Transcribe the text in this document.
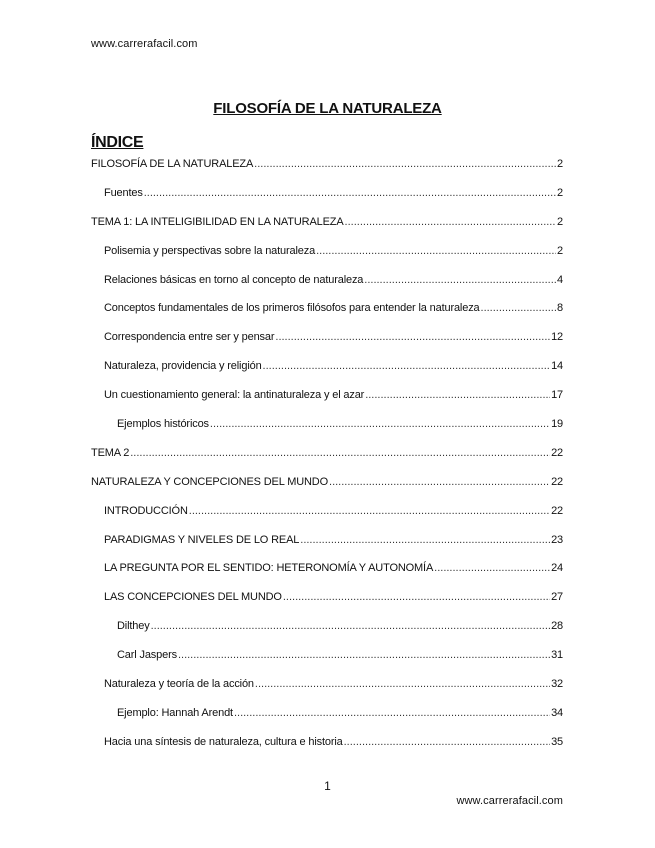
www.carrerafacil.com
FILOSOFÍA DE LA NATURALEZA
ÍNDICE
FILOSOFÍA DE LA NATURALEZA .....	2
Fuentes .....	2
TEMA 1: LA INTELIGIBILIDAD EN LA NATURALEZA .....	2
Polisemia y perspectivas sobre la naturaleza .....	2
Relaciones básicas en torno al concepto de naturaleza .....	4
Conceptos fundamentales de los primeros filósofos para entender la naturaleza .....	8
Correspondencia entre ser y pensar .....	12
Naturaleza, providencia y religión .....	14
Un cuestionamiento general: la antinaturaleza y el azar .....	17
Ejemplos históricos .....	19
TEMA 2 .....	22
NATURALEZA Y CONCEPCIONES DEL MUNDO .....	22
INTRODUCCIÓN .....	22
PARADIGMAS Y NIVELES DE LO REAL .....	23
LA PREGUNTA POR EL SENTIDO: HETERONOMÍA Y AUTONOMÍA .....	24
LAS CONCEPCIONES DEL MUNDO .....	27
Dilthey .....	28
Carl Jaspers .....	31
Naturaleza y teoría de la acción .....	32
Ejemplo: Hannah Arendt .....	34
Hacia una síntesis de naturaleza, cultura e historia .....	35
1
www.carrerafacil.com
